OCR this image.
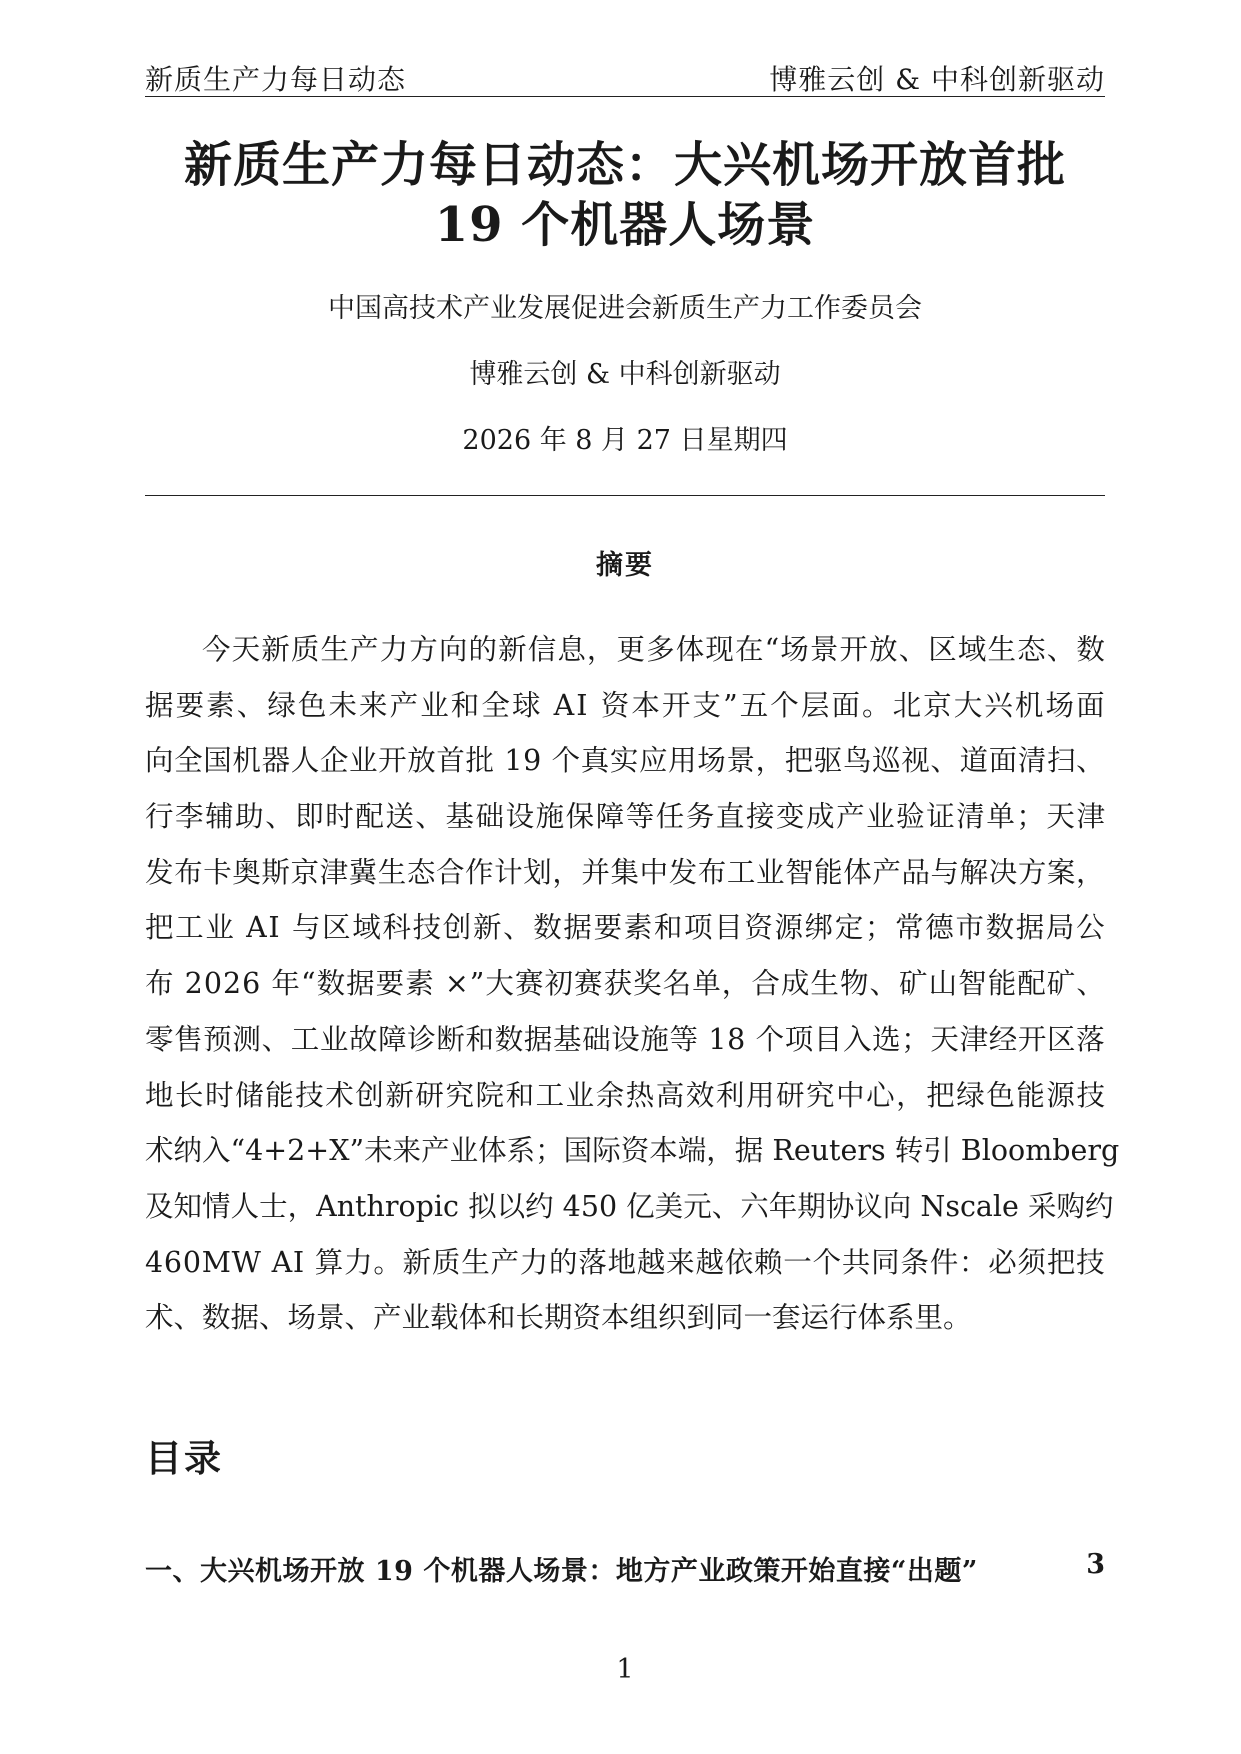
新质生产力每日动态	博雅云创 & 中科创新驱动
新质生产力每日动态：大兴机场开放首批
19 个机器人场景
中国高技术产业发展促进会新质生产力工作委员会
博雅云创 & 中科创新驱动
2026 年 8 月 27 日星期四
摘要
今 天 新 质 生 产 力 方 向 的 新 信 息 ， 更 多 体 现 在 “ 场 景 开 放 、 区 域 生 态 、 数
据 要 素 、 绿 色 未 来 产 业 和 全 球
A I
资 本 开 支 ” 五 个 层 面 。 北 京 大 兴 机 场 面
向 全 国 机 器 人 企 业 开 放 首 批
1 9
个 真 实 应 用 场 景 ， 把 驱 鸟 巡 视 、 道 面 清 扫 、
行 李 辅 助 、 即 时 配 送 、 基 础 设 施 保 障 等 任 务 直 接 变 成 产 业 验 证 清 单 ； 天 津
发 布 卡 奥 斯 京 津 冀 生 态 合 作 计 划 ， 并 集 中 发 布 工 业 智 能 体 产 品 与 解 决 方 案 ，
把 工 业
A I
与 区 域 科 技 创 新 、 数 据 要 素 和 项 目 资 源 绑 定 ； 常 德 市 数 据 局 公
布
2 0 2 6
年 “ 数 据 要 素
× ” 大 赛 初 赛 获 奖 名 单 ， 合 成 生 物 、 矿 山 智 能 配 矿 、
零 售 预 测 、 工 业 故 障 诊 断 和 数 据 基 础 设 施 等
1 8
个 项 目 入 选 ； 天 津 经 开 区 落
地 长 时 储 能 技 术 创 新 研 究 院 和 工 业 余 热 高 效 利 用 研 究 中 心 ， 把 绿 色 能 源 技
术 纳 入 “ 4 + 2 + X ” 未 来 产 业 体 系 ； 国 际 资 本 端 ， 据
R e u t e r s
转 引
B l o o m b e r g
及 知 情 人 士 ， A n t h r o p i c
拟 以 约
4 5 0
亿 美 元 、 六 年 期 协 议 向
N s c a l e
采 购 约
4 6 0 M W
A I
算 力 。 新 质 生 产 力 的 落 地 越 来 越 依 赖 一 个 共 同 条 件 ： 必 须 把 技
术、数据、场景、产业载体和长期资本组织到同一套运行体系里。
目录
一、大兴机场开放 19 个机器人场景：地方产业政策开始直接“出题”	3
1
